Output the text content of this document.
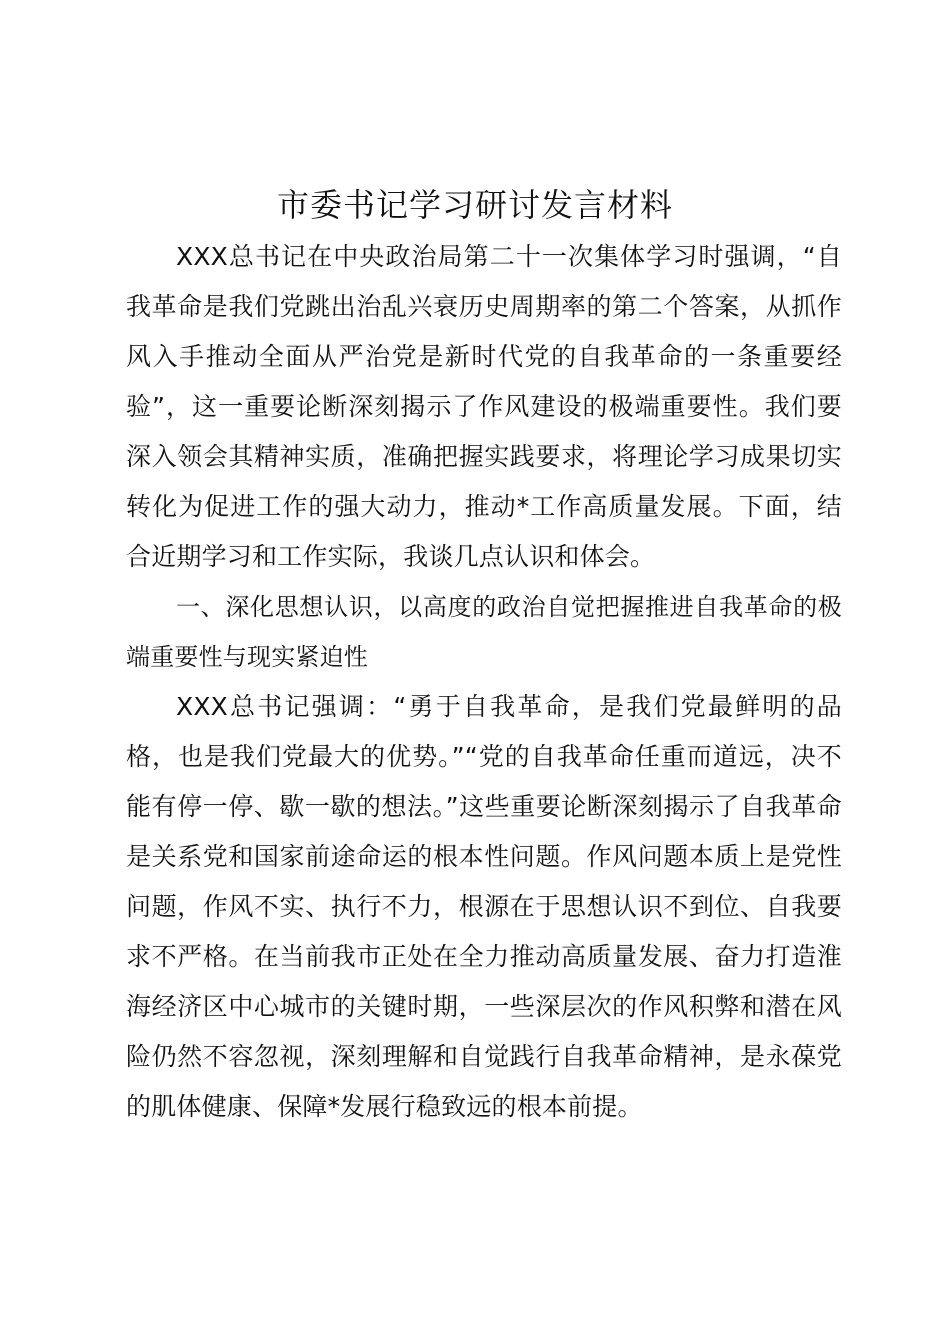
市委书记学习研讨发言材料

XXX总书记在中央政治局第二十一次集体学习时强调，“自我革命是我们党跳出治乱兴衰历史周期率的第二个答案，从抓作风入手推动全面从严治党是新时代党的自我革命的一条重要经验”，这一重要论断深刻揭示了作风建设的极端重要性。我们要深入领会其精神实质，准确把握实践要求，将理论学习成果切实转化为促进工作的强大动力，推动*工作高质量发展。下面，结合近期学习和工作实际，我谈几点认识和体会。

一、深化思想认识，以高度的政治自觉把握推进自我革命的极端重要性与现实紧迫性

XXX总书记强调：“勇于自我革命，是我们党最鲜明的品格，也是我们党最大的优势。”“党的自我革命任重而道远，决不能有停一停、歇一歇的想法。”这些重要论断深刻揭示了自我革命是关系党和国家前途命运的根本性问题。作风问题本质上是党性问题，作风不实、执行不力，根源在于思想认识不到位、自我要求不严格。在当前我市正处在全力推动高质量发展、奋力打造淮海经济区中心城市的关键时期，一些深层次的作风积弊和潜在风险仍然不容忽视，深刻理解和自觉践行自我革命精神，是永葆党的肌体健康、保障*发展行稳致远的根本前提。
